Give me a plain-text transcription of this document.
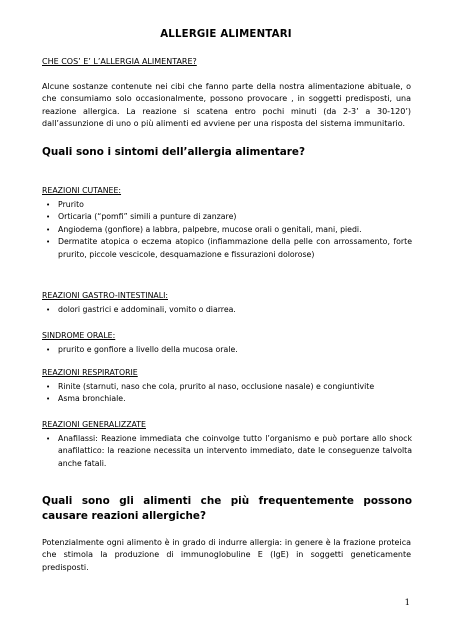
ALLERGIE ALIMENTARI
CHE COS’ E’ L’ALLERGIA ALIMENTARE?

Alcune sostanze contenute nei cibi che fanno parte della nostra alimentazione abituale, o che consumiamo solo occasionalmente, possono provocare , in soggetti predisposti, una reazione allergica. La reazione si scatena entro pochi minuti (da 2-3’ a 30-120’) dall’assunzione di uno o più alimenti ed avviene per una risposta del sistema immunitario.

Quali sono i sintomi dell’allergia alimentare?

REAZIONI CUTANEE:
• Prurito
• Orticaria (“pomfi” simili a punture di zanzare)
• Angiodema (gonfiore) a labbra, palpebre, mucose orali o genitali, mani, piedi.
• Dermatite atopica o eczema atopico (infiammazione della pelle con arrossamento, forte prurito, piccole vescicole, desquamazione e fissurazioni dolorose)
REAZIONI GASTRO-INTESTINALI:
• dolori gastrici e addominali, vomito o diarrea.
SINDROME ORALE:
• prurito e gonfiore a livello della mucosa orale.
REAZIONI RESPIRATORIE
• Rinite (starnuti, naso che cola, prurito al naso, occlusione nasale) e congiuntivite
• Asma bronchiale.
REAZIONI GENERALIZZATE
• Anafilassi: Reazione immediata che coinvolge tutto l’organismo e può portare allo shock anafilattico: la reazione necessita un intervento immediato, date le conseguenze talvolta anche fatali.

Quali sono gli alimenti che più frequentemente possono causare reazioni allergiche?

Potenzialmente ogni alimento è in grado di indurre allergia: in genere è la frazione proteica che stimola la produzione di immunoglobuline E (IgE) in soggetti geneticamente predisposti.

1
